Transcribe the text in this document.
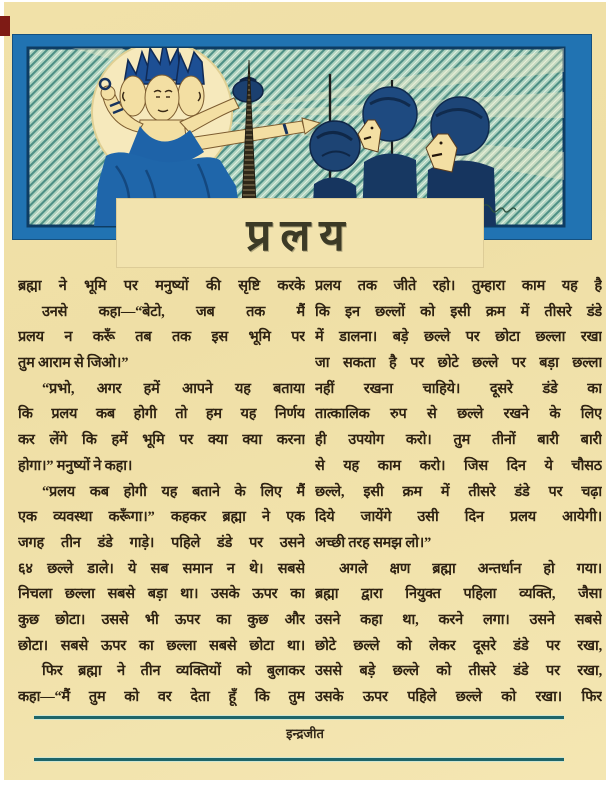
प्रलय
ब्रह्मा ने भूमि पर मनुष्यों की सृष्टि करके
उनसे कहा—“बेटो, जब तक मैं
प्रलय न करूँ तब तक इस भूमि पर
तुम आराम से जिओ।”
“प्रभो, अगर हमें आपने यह बताया
कि प्रलय कब होगी तो हम यह निर्णय
कर लेंगे कि हमें भूमि पर क्या क्या करना
होगा।” मनुष्यों ने कहा।
“प्रलय कब होगी यह बताने के लिए मैं
एक व्यवस्था करूँगा।” कहकर ब्रह्मा ने एक
जगह तीन डंडे गाड़े। पहिले डंडे पर उसने
६४ छल्ले डाले। ये सब समान न थे। सबसे
निचला छल्ला सबसे बड़ा था। उसके ऊपर का
कुछ छोटा। उससे भी ऊपर का कुछ और
छोटा। सबसे ऊपर का छल्ला सबसे छोटा था।
फिर ब्रह्मा ने तीन व्यक्तियों को बुलाकर
कहा—“मैं तुम को वर देता हूँ कि तुम
प्रलय तक जीते रहो। तुम्हारा काम यह है
कि इन छल्लों को इसी क्रम में तीसरे डंडे
में डालना। बड़े छल्ले पर छोटा छल्ला रखा
जा सकता है पर छोटे छल्ले पर बड़ा छल्ला
नहीं रखना चाहिये। दूसरे डंडे का
तात्कालिक रुप से छल्ले रखने के लिए
ही उपयोग करो। तुम तीनों बारी बारी
से यह काम करो। जिस दिन ये चौसठ
छल्ले, इसी क्रम में तीसरे डंडे पर चढ़ा
दिये जायेंगे उसी दिन प्रलय आयेगी।
अच्छी तरह समझ लो।”
अगले क्षण ब्रह्मा अन्तर्धान हो गया।
ब्रह्मा द्वारा नियुक्त पहिला व्यक्ति, जैसा
उसने कहा था, करने लगा। उसने सबसे
छोटे छल्ले को लेकर दूसरे डंडे पर रखा,
उससे बड़े छल्ले को तीसरे डंडे पर रखा,
उसके ऊपर पहिले छल्ले को रखा। फिर
इन्द्रजीत
